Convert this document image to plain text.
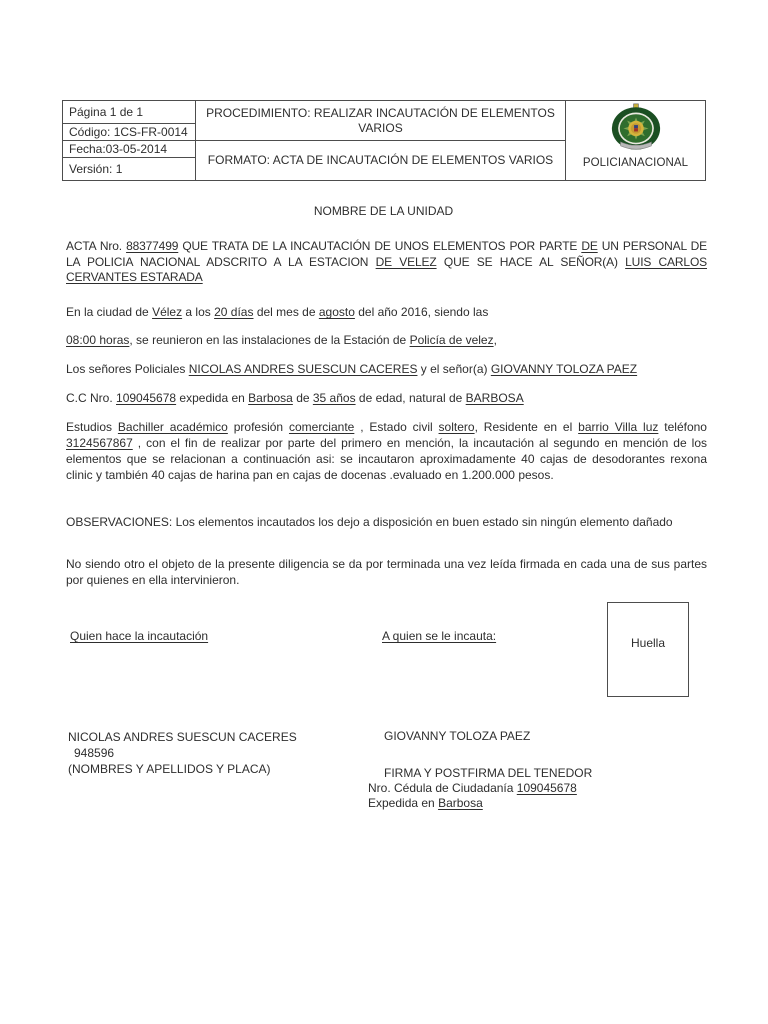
Página 1 de 1	PROCEDIMIENTO: REALIZAR INCAUTACIÓN DE ELEMENTOS VARIOS	POLICIA NACIONAL

Código: 1CS-FR-0014		
Fecha:03-05-2014	FORMATO: ACTA DE INCAUTACIÓN DE ELEMENTOS VARIOS	
Versión: 1		
NOMBRE DE LA UNIDAD

ACTA Nro. 88377499 QUE TRATA DE LA INCAUTACIÓN DE UNOS ELEMENTOS POR PARTE DE UN PERSONAL DE LA POLICIA NACIONAL ADSCRITO A LA ESTACION DE VELEZ QUE SE HACE AL SEÑOR(A) LUIS CARLOS CERVANTES ESTARADA

En la ciudad de Vélez a los 20 días del mes de agosto del año 2016, siendo las

08:00 horas, se reunieron en las instalaciones de la Estación de Policía de velez,

Los señores Policiales NICOLAS ANDRES SUESCUN CACERES y el señor(a) GIOVANNY TOLOZA PAEZ

C.C Nro. 109045678 expedida en Barbosa de 35 años de edad, natural de BARBOSA

Estudios Bachiller académico profesión comerciante , Estado civil soltero, Residente en el barrio Villa luz teléfono 3124567867 , con el fin de realizar por parte del primero en mención, la incautación al segundo en mención de los elementos que se relacionan a continuación asi: se incautaron aproximadamente 40 cajas de desodorantes rexona clinic y también 40 cajas de harina pan en cajas de docenas .evaluado en 1.200.000 pesos.

OBSERVACIONES: Los elementos incautados los dejo a disposición en buen estado sin ningún elemento dañado

No siendo otro el objeto de la presente diligencia se da por terminada una vez leída firmada en cada una de sus partes por quienes en ella intervinieron.

Quien hace la incautación	A quien se le incauta:	Huella
NICOLAS ANDRES SUESCUN CACERES
948596
(NOMBRES Y APELLIDOS Y PLACA)
GIOVANNY TOLOZA PAEZ
FIRMA Y POSTFIRMA DEL TENEDOR
Nro. Cédula de Ciudadanía 109045678
Expedida en Barbosa
